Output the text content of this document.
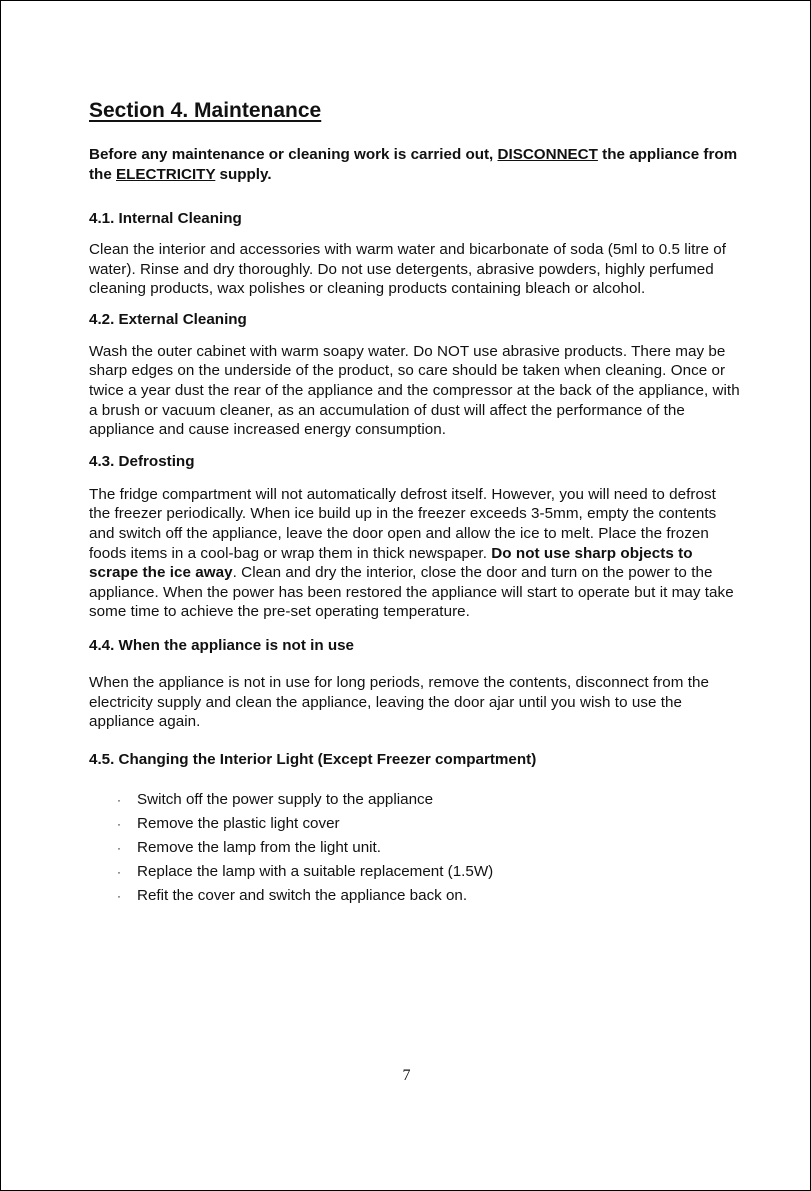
Section 4. Maintenance

Before any maintenance or cleaning work is carried out, DISCONNECT the appliance from the ELECTRICITY supply.

4.1. Internal Cleaning

Clean the interior and accessories with warm water and bicarbonate of soda (5ml to 0.5 litre of water). Rinse and dry thoroughly. Do not use detergents, abrasive powders, highly perfumed cleaning products, wax polishes or cleaning products containing bleach or alcohol.

4.2. External Cleaning

Wash the outer cabinet with warm soapy water. Do NOT use abrasive products. There may be sharp edges on the underside of the product, so care should be taken when cleaning. Once or twice a year dust the rear of the appliance and the compressor at the back of the appliance, with a brush or vacuum cleaner, as an accumulation of dust will affect the performance of the appliance and cause increased energy consumption.

4.3. Defrosting

The fridge compartment will not automatically defrost itself. However, you will need to defrost the freezer periodically. When ice build up in the freezer exceeds 3-5mm, empty the contents and switch off the appliance, leave the door open and allow the ice to melt. Place the frozen foods items in a cool-bag or wrap them in thick newspaper. Do not use sharp objects to scrape the ice away. Clean and dry the interior, close the door and turn on the power to the appliance. When the power has been restored the appliance will start to operate but it may take some time to achieve the pre-set operating temperature.

4.4. When the appliance is not in use

When the appliance is not in use for long periods, remove the contents, disconnect from the electricity supply and clean the appliance, leaving the door ajar until you wish to use the appliance again.

4.5. Changing the Interior Light (Except Freezer compartment)
· Switch off the power supply to the appliance
· Remove the plastic light cover
· Remove the lamp from the light unit.
· Replace the lamp with a suitable replacement (1.5W)
· Refit the cover and switch the appliance back on.
7
